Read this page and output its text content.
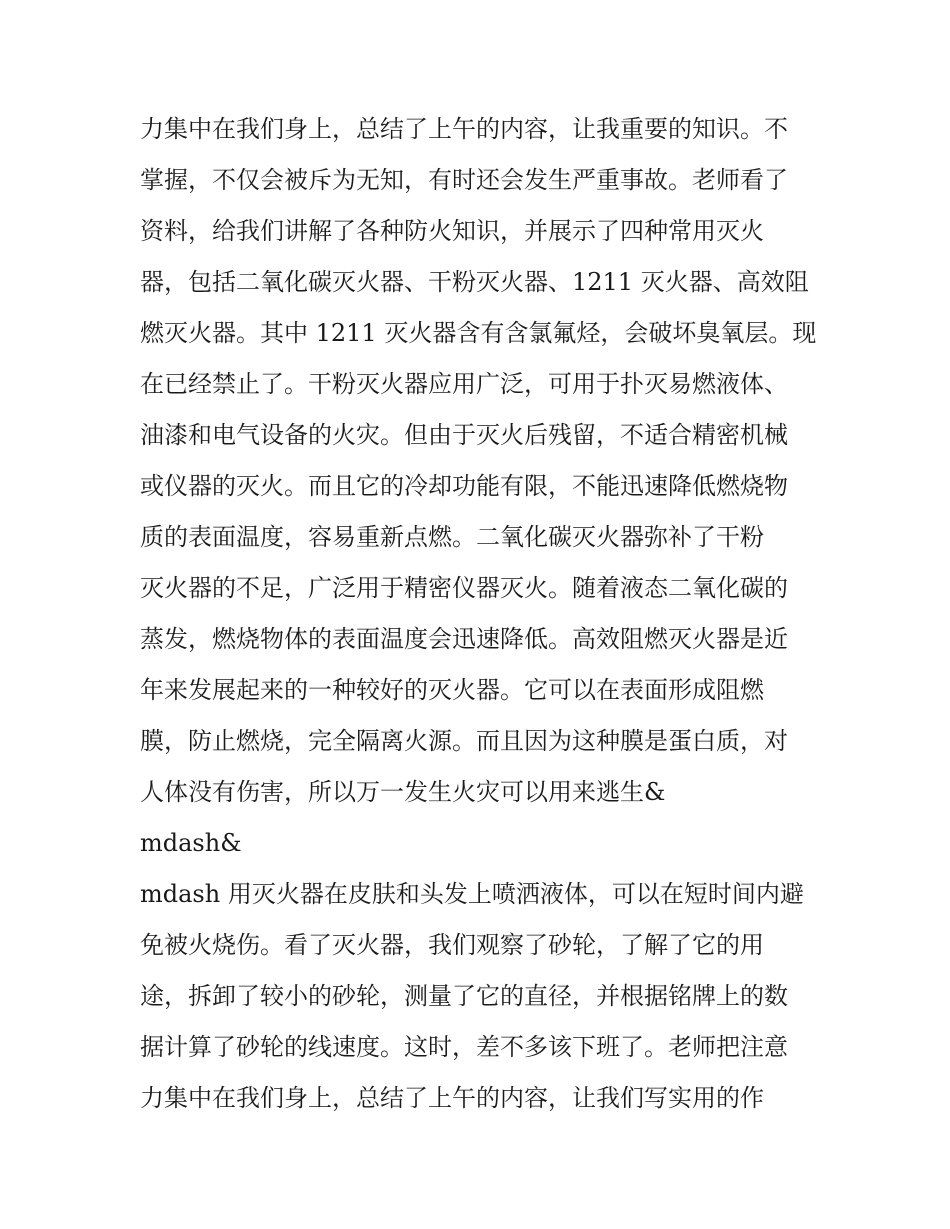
力集中在我们身上，总结了上午的内容，让我重要的知识。不
掌握，不仅会被斥为无知，有时还会发生严重事故。老师看了
资料，给我们讲解了各种防火知识，并展示了四种常用灭火
器，包括二氧化碳灭火器、干粉灭火器、1211 灭火器、高效阻
燃灭火器。其中 1211 灭火器含有含氯氟烃，会破坏臭氧层。现
在已经禁止了。干粉灭火器应用广泛，可用于扑灭易燃液体、
油漆和电气设备的火灾。但由于灭火后残留，不适合精密机械
或仪器的灭火。而且它的冷却功能有限，不能迅速降低燃烧物
质的表面温度，容易重新点燃。二氧化碳灭火器弥补了干粉
灭火器的不足，广泛用于精密仪器灭火。随着液态二氧化碳的
蒸发，燃烧物体的表面温度会迅速降低。高效阻燃灭火器是近
年来发展起来的一种较好的灭火器。它可以在表面形成阻燃
膜，防止燃烧，完全隔离火源。而且因为这种膜是蛋白质，对
人体没有伤害，所以万一发生火灾可以用来逃生&
mdash&
mdash 用灭火器在皮肤和头发上喷洒液体，可以在短时间内避
免被火烧伤。看了灭火器，我们观察了砂轮，了解了它的用
途，拆卸了较小的砂轮，测量了它的直径，并根据铭牌上的数
据计算了砂轮的线速度。这时，差不多该下班了。老师把注意
力集中在我们身上，总结了上午的内容，让我们写实用的作
